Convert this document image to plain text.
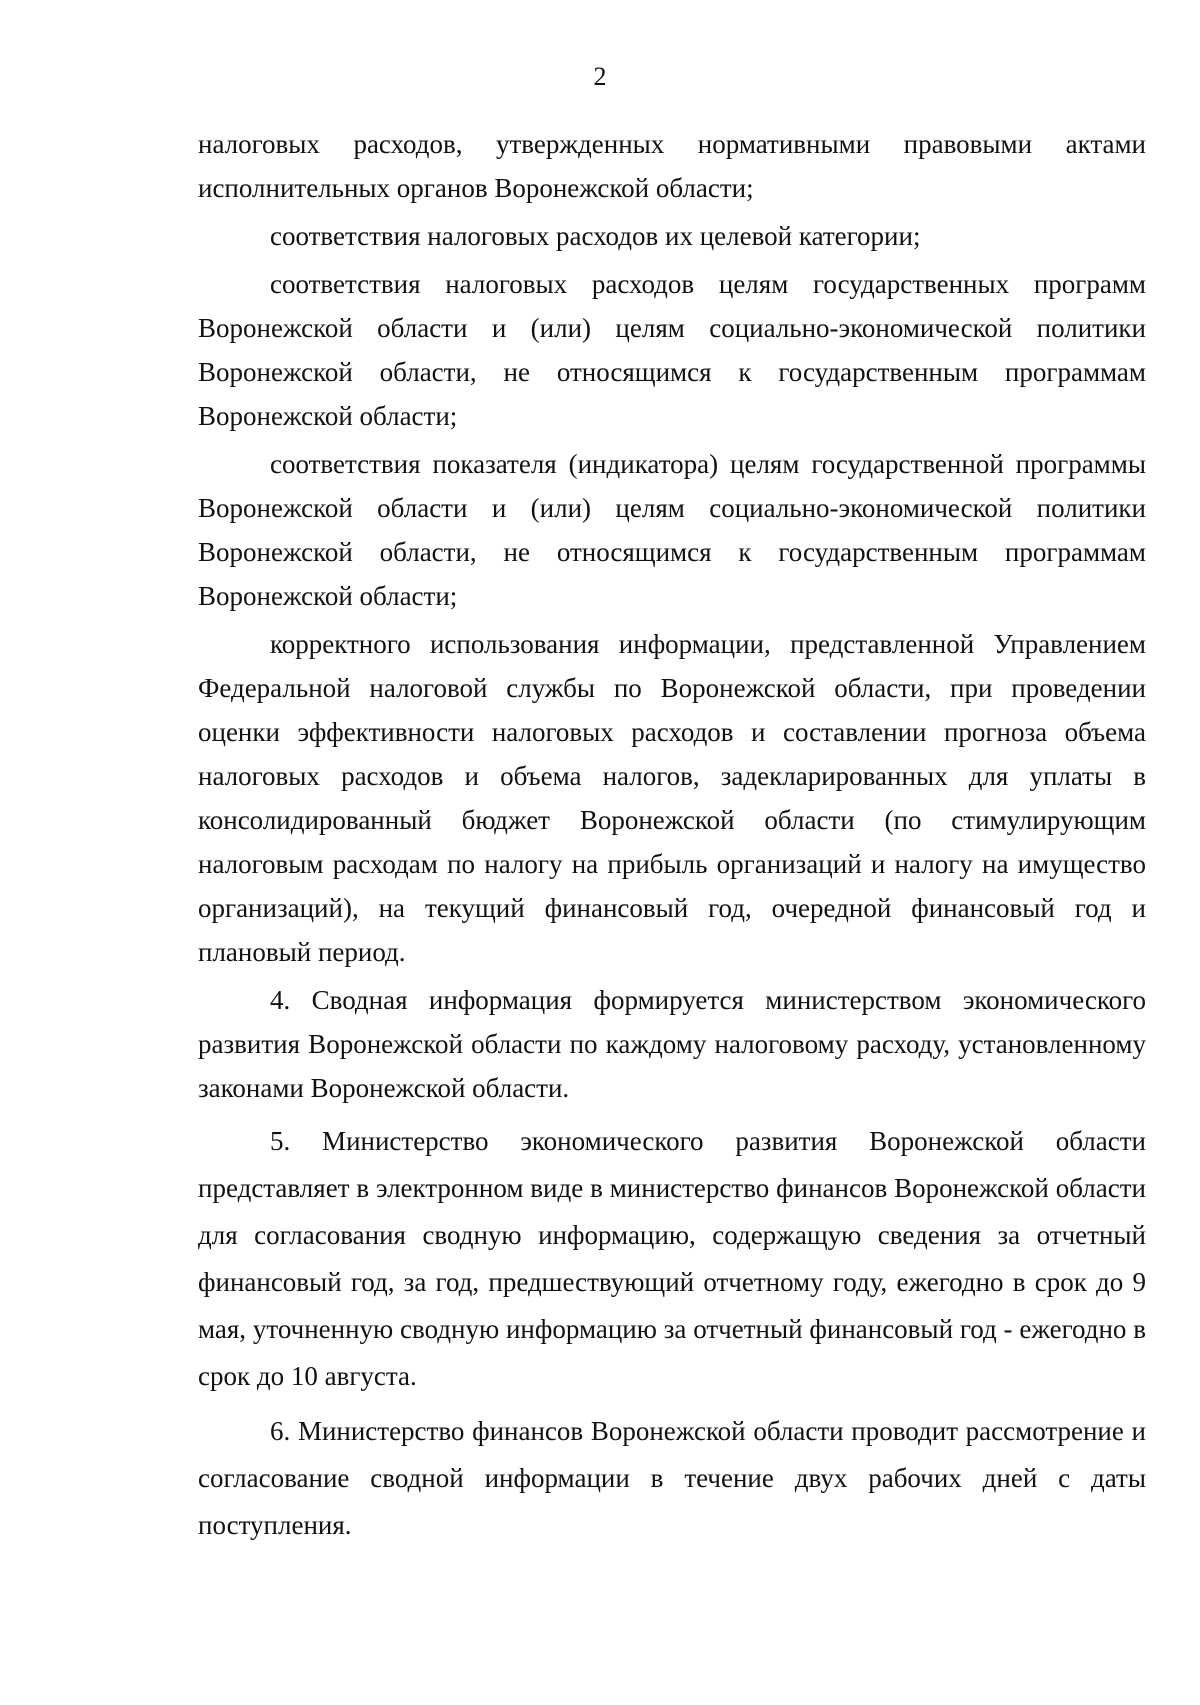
2

налоговых расходов, утвержденных нормативными правовыми актами исполнительных органов Воронежской области;

соответствия налоговых расходов их целевой категории;

соответствия налоговых расходов целям государственных программ Воронежской области и (или) целям социально-экономической политики Воронежской области, не относящимся к государственным программам Воронежской области;

соответствия показателя (индикатора) целям государственной программы Воронежской области и (или) целям социально-экономической политики Воронежской области, не относящимся к государственным программам Воронежской области;

корректного использования информации, представленной Управлением Федеральной налоговой службы по Воронежской области, при проведении оценки эффективности налоговых расходов и составлении прогноза объема налоговых расходов и объема налогов, задекларированных для уплаты в консолидированный бюджет Воронежской области (по стимулирующим налоговым расходам по налогу на прибыль организаций и налогу на имущество организаций), на текущий финансовый год, очередной финансовый год и плановый период.

4. Сводная информация формируется министерством экономического развития Воронежской области по каждому налоговому расходу, установленному законами Воронежской области.

5. Министерство экономического развития Воронежской области представляет в электронном виде в министерство финансов Воронежской области для согласования сводную информацию, содержащую сведения за отчетный финансовый год, за год, предшествующий отчетному году, ежегодно в срок до 9 мая, уточненную сводную информацию за отчетный финансовый год - ежегодно в срок до 10 августа.

6. Министерство финансов Воронежской области проводит рассмотрение и согласование сводной информации в течение двух рабочих дней с даты поступления.
